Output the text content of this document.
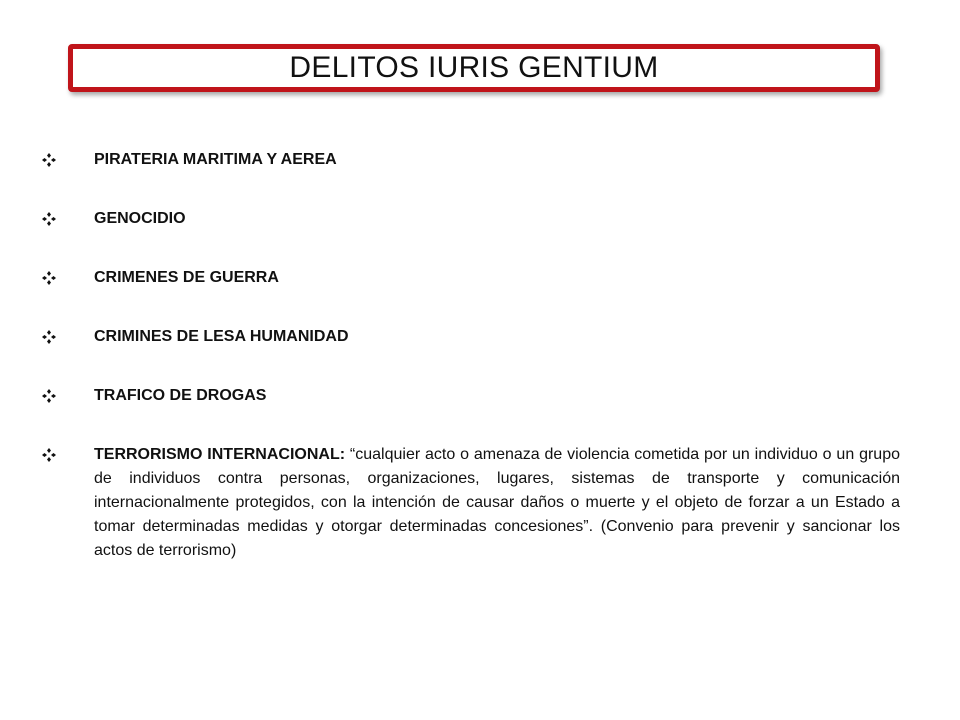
DELITOS IURIS GENTIUM
PIRATERIA MARITIMA Y AEREA
GENOCIDIO
CRIMENES DE GUERRA
CRIMINES DE LESA HUMANIDAD
TRAFICO DE DROGAS
TERRORISMO INTERNACIONAL: “cualquier acto o amenaza de violencia cometida por un individuo o un grupo de individuos contra personas, organizaciones, lugares, sistemas de transporte y comunicación internacionalmente protegidos, con la intención de causar daños o muerte y el objeto de forzar a un Estado a tomar determinadas medidas y otorgar determinadas concesiones”. (Convenio para prevenir y sancionar los actos de terrorismo)
